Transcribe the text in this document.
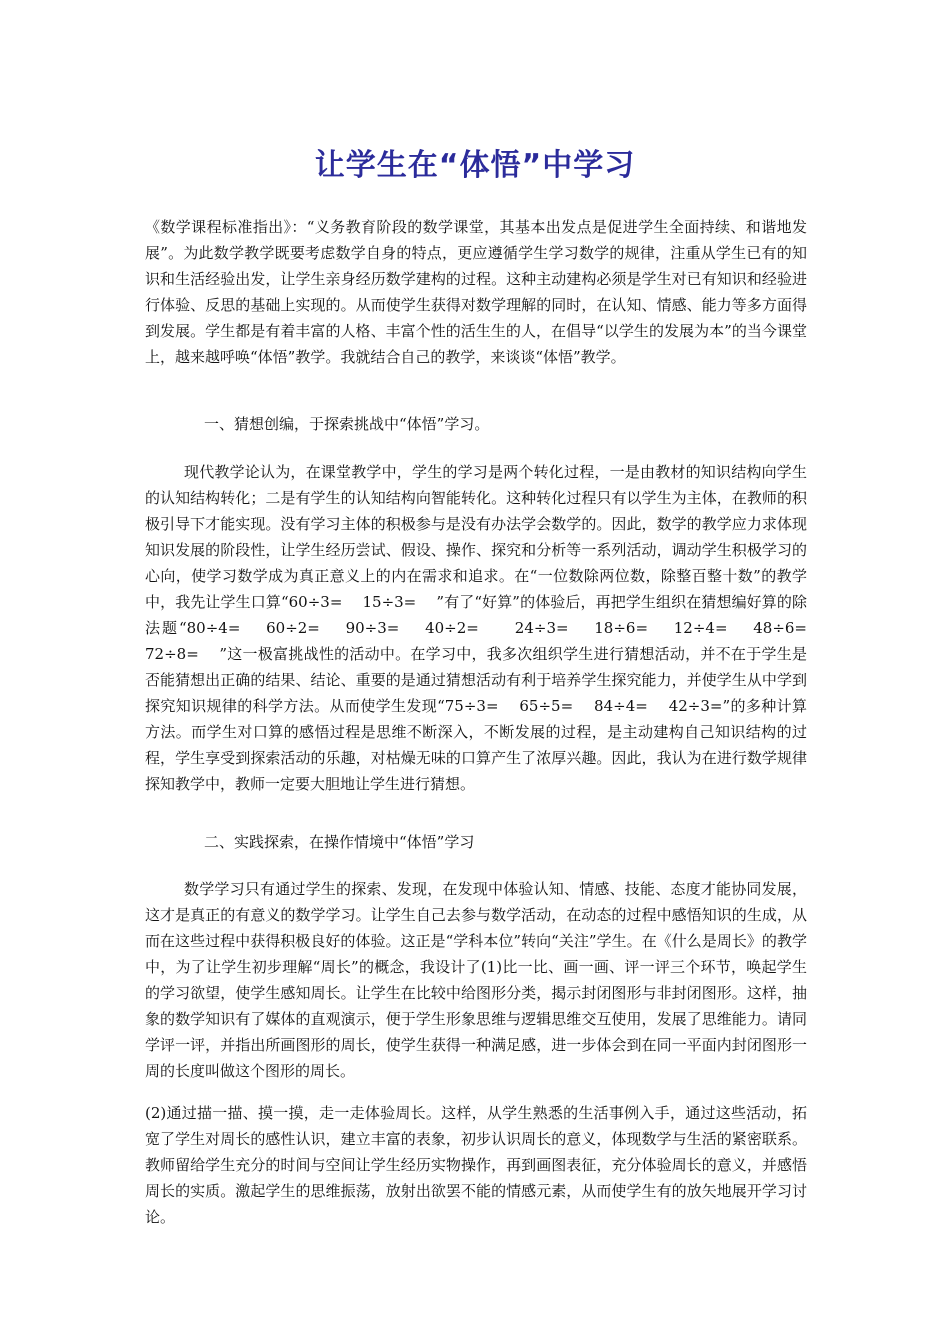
让学生在“体悟”中学习
《数学课程标准指出》：“义务教育阶段的数学课堂，其基本出发点是促进学生全面持续、和谐地发展”。为此数学教学既要考虑数学自身的特点，更应遵循学生学习数学的规律，注重从学生已有的知识和生活经验出发，让学生亲身经历数学建构的过程。这种主动建构必须是学生对已有知识和经验进行体验、反思的基础上实现的。从而使学生获得对数学理解的同时，在认知、情感、能力等多方面得到发展。学生都是有着丰富的人格、丰富个性的活生生的人，在倡导“以学生的发展为本”的当今课堂上，越来越呼唤“体悟”教学。我就结合自己的教学，来谈谈“体悟”教学。
一、猜想创编，于探索挑战中“体悟”学习。
现代教学论认为，在课堂教学中，学生的学习是两个转化过程，一是由教材的知识结构向学生的认知结构转化；二是有学生的认知结构向智能转化。这种转化过程只有以学生为主体，在教师的积极引导下才能实现。没有学习主体的积极参与是没有办法学会数学的。因此，数学的教学应力求体现知识发展的阶段性，让学生经历尝试、假设、操作、探究和分析等一系列活动，调动学生积极学习的心向，使学习数学成为真正意义上的内在需求和追求。在“一位数除两位数，除整百整十数”的教学中，我先让学生口算“60÷3=　 15÷3=　 ”有了“好算”的体验后，再把学生组织在猜想编好算的除法题“80÷4=　 60÷2=　 90÷3=　 40÷2=　　24÷3=　 18÷6=　 12÷4=　 48÷6=　 72÷8=　 ”这一极富挑战性的活动中。在学习中，我多次组织学生进行猜想活动，并不在于学生是否能猜想出正确的结果、结论、重要的是通过猜想活动有利于培养学生探究能力，并使学生从中学到探究知识规律的科学方法。从而使学生发现“75÷3=　 65÷5=　 84÷4=　 42÷3=”的多种计算方法。而学生对口算的感悟过程是思维不断深入，不断发展的过程，是主动建构自己知识结构的过程，学生享受到探索活动的乐趣，对枯燥无味的口算产生了浓厚兴趣。因此，我认为在进行数学规律探知教学中，教师一定要大胆地让学生进行猜想。
二、实践探索，在操作情境中“体悟”学习
数学学习只有通过学生的探索、发现，在发现中体验认知、情感、技能、态度才能协同发展，这才是真正的有意义的数学学习。让学生自己去参与数学活动，在动态的过程中感悟知识的生成，从而在这些过程中获得积极良好的体验。这正是“学科本位”转向“关注”学生。在《什么是周长》的教学中，为了让学生初步理解“周长”的概念，我设计了(1)比一比、画一画、评一评三个环节，唤起学生的学习欲望，使学生感知周长。让学生在比较中给图形分类，揭示封闭图形与非封闭图形。这样，抽象的数学知识有了媒体的直观演示，便于学生形象思维与逻辑思维交互使用，发展了思维能力。请同学评一评，并指出所画图形的周长，使学生获得一种满足感，进一步体会到在同一平面内封闭图形一周的长度叫做这个图形的周长。
(2)通过描一描、摸一摸，走一走体验周长。这样，从学生熟悉的生活事例入手，通过这些活动，拓宽了学生对周长的感性认识，建立丰富的表象，初步认识周长的意义，体现数学与生活的紧密联系。教师留给学生充分的时间与空间让学生经历实物操作，再到画图表征，充分体验周长的意义，并感悟周长的实质。激起学生的思维振荡，放射出欲罢不能的情感元素，从而使学生有的放矢地展开学习讨论。
